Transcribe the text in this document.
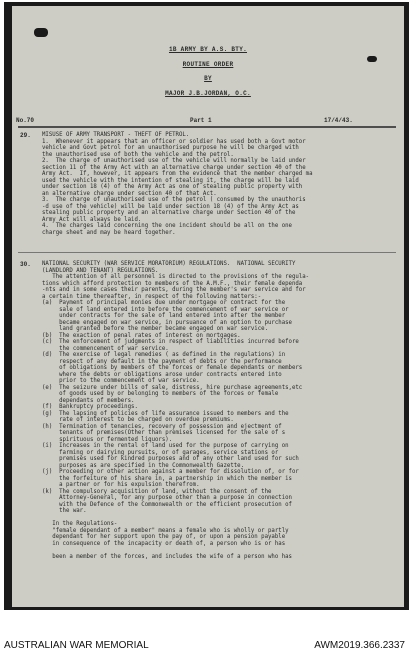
1B ARMY BY A.S. BTY.
ROUTINE ORDER
BY
MAJOR J.B.JORDAN, O.C.
No.70	Part 1	17/4/43.
29. MISUSE OF ARMY TRANSPORT - THEFT OF PETROL.
1.  Whenever it appears that an officer or soldier has used both a Govt motor
vehicle and Govt petrol for an unauthorised purpose he will be charged with
the unauthorised use of both the vehicle and the petrol.
2.  The charge of unauthorised use of the vehicle will normally be laid under
section 11 of the Army Act with an alternative charge under section 40 of the
Army Act.  If, however, it appears from the evidence that the member charged ma
used the vehicle with the intention of stealing it, the charge will be laid
under section 18 (4) of the Army Act as one of stealing public property with
an alternative charge under section 40 of that Act.
3.  The charge of unauthorised use of the petrol ( consumed by the unauthoris
-d use of the vehicle) will be laid under section 18 (4) of the Army Act as
stealing public property and an alternative charge under Section 40 of the
Army Act will always be laid.
4.  The charges laid concerning the one incident should be all on the one
charge sheet and may be heard together.
30. NATIONAL SECURITY (WAR SERVICE MORATORIUM) REGULATIONS.  NATIONAL SECURITY
(LANDLORD AND TENANT) REGULATIONS.
The attention of all personnel is directed to the provisions of the regula-
tions which afford protection to members of the A.M.F., their female dependa
-nts and in some cases their parents, during the member's war service and for
a certain time thereafter, in respect of the following matters:-
(a)  Payment of principal monies due under mortgage or contract for the
sale of land entered into before the commencement of war service or
under contracts for the sale of land entered into after the member
became engaged on war service, in pursuance of an option to purchase
land granted before the member became engaged on war service.
(b)  The exaction of penal rates of interest on mortgages.
(c)  The enforcement of judgments in respect of liabilities incurred before
the commencement of war service.
(d)  The exercise of legal remedies ( as defined in the regulations) in
respect of any default in the payment of debts or the performance
of obligations by members of the forces or female dependants or members
where the debts or obligations arose under contracts entered into
prior to the commencement of war service.
(e)  The seizure under bills of sale, distress, hire purchase agreements,etc
of goods used by or belonging to members of the forces or female
dependants of members.
(f)  Bankruptcy proceedings.
(g)  The lapsing of policies of life assurance issued to members and the
rate of interest to be charged on overdue premiums.
(h)  Termination of tenancies, recovery of possession and ejectment of
tenants of premises(Other than premises licensed for the sale of s
spirituous or fermented liquors).
(i)  Increases in the rental of land used for the purpose of carrying on
farming or dairying pursuits, or of garages, service stations or
premises used for kindred purposes and of any other land used for such
purposes as are specified in the Commonwealth Gazette.
(j)  Proceeding or other action against a member for dissolution of, or for
the forfeiture of his share in, a partnership in which the member is
a partner or for his expulsion therefrom.
(k)  The compulsory acquisition of land, without the consent of the
Attorney-General, for any purpose other than a purpose in connection
with the Defence of the Commonwealth or the efficient prosecution of
the war.

In the Regulations-
"female dependant of a member" means a female who is wholly or partly
dependant for her support upon the pay of, or upon a pension payable
in consequence of the incapacity or death of, a person who is or has

been a member of the forces, and includes the wife of a person who has
AUSTRALIAN WAR MEMORIAL	AWM2019.366.2337
